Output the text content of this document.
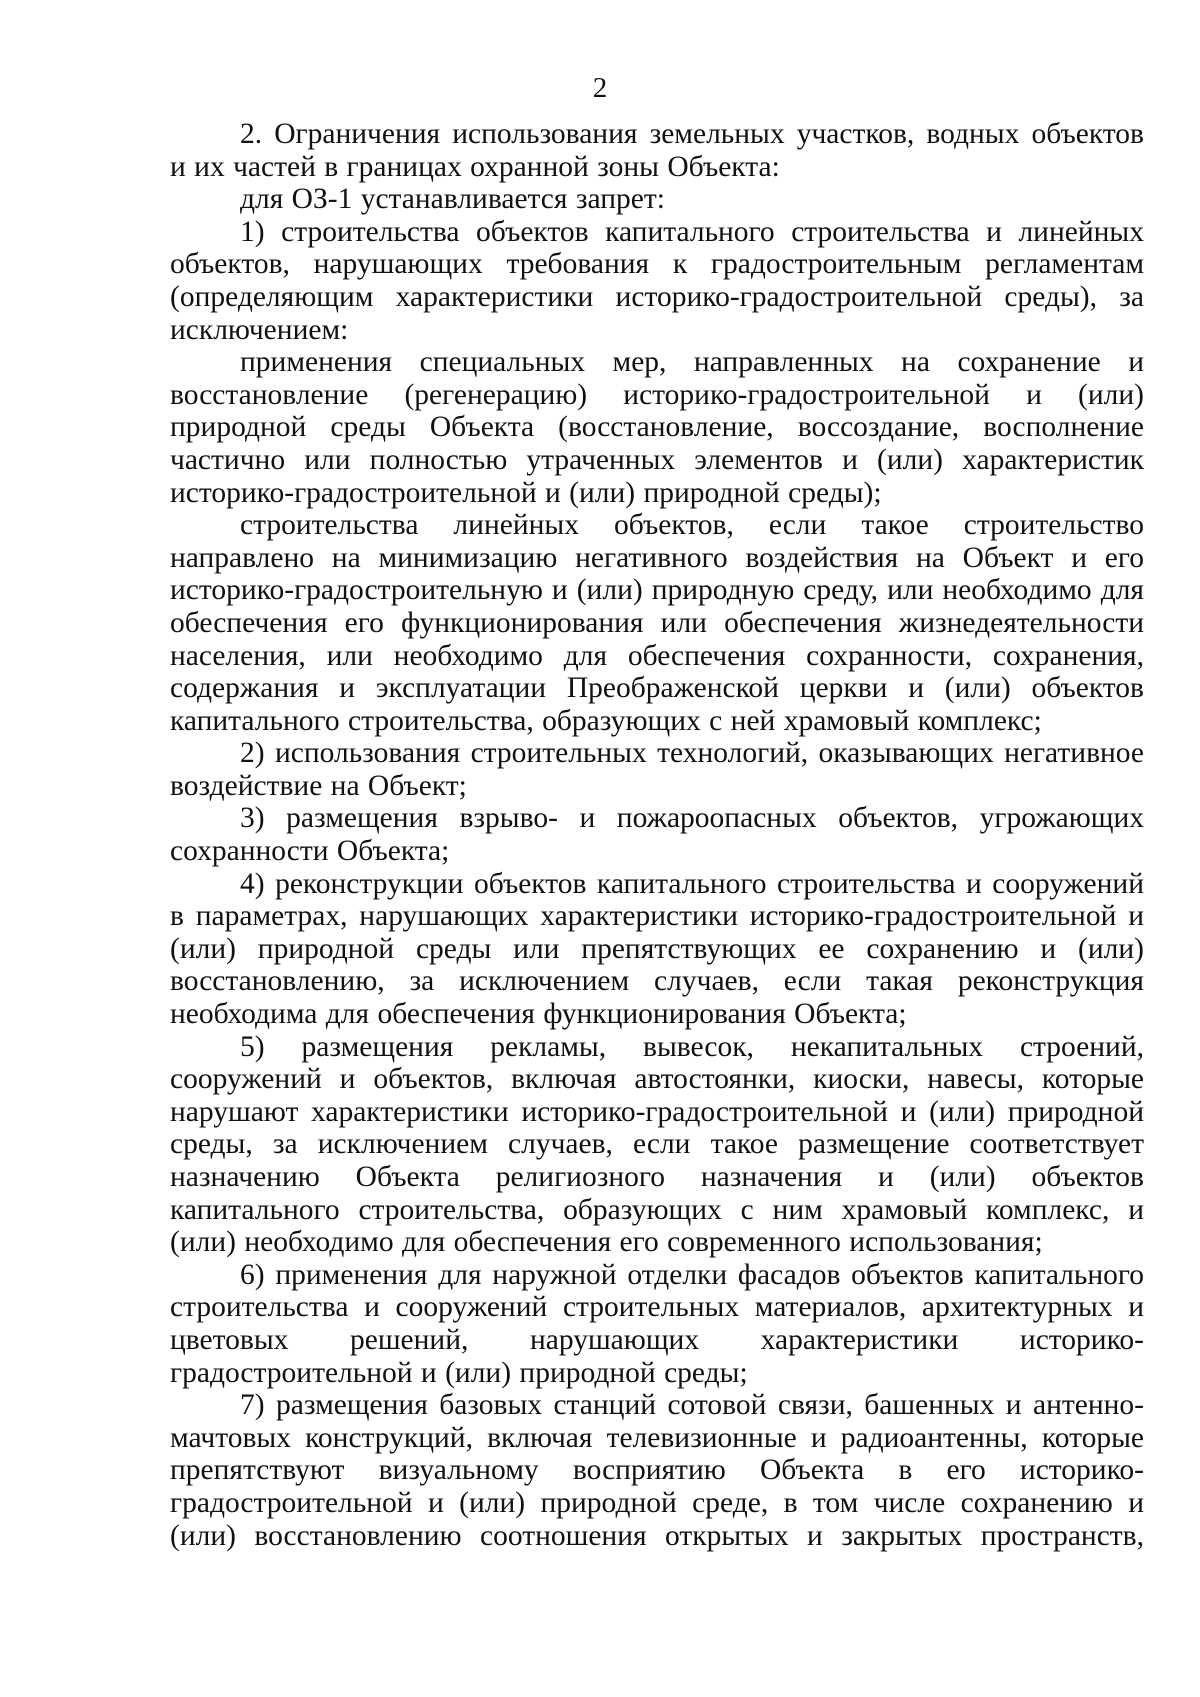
2

2. Ограничения использования земельных участков, водных объектов и их частей в границах охранной зоны Объекта:

для ОЗ-1 устанавливается запрет:

1) строительства объектов капитального строительства и линейных объектов, нарушающих требования к градостроительным регламентам (определяющим характеристики историко-градостроительной среды), за исключением:

применения специальных мер, направленных на сохранение и восстановление (регенерацию) историко-градостроительной и (или) природной среды Объекта (восстановление, воссоздание, восполнение частично или полностью утраченных элементов и (или) характеристик историко-градостроительной и (или) природной среды);

строительства линейных объектов, если такое строительство направлено на минимизацию негативного воздействия на Объект и его историко-градостроительную и (или) природную среду, или необходимо для обеспечения его функционирования или обеспечения жизнедеятельности населения, или необходимо для обеспечения сохранности, сохранения, содержания и эксплуатации Преображенской церкви и (или) объектов капитального строительства, образующих с ней храмовый комплекс;

2) использования строительных технологий, оказывающих негативное воздействие на Объект;

3) размещения взрыво- и пожароопасных объектов, угрожающих сохранности Объекта;

4) реконструкции объектов капитального строительства и сооружений в параметрах, нарушающих характеристики историко-градостроительной и (или) природной среды или препятствующих ее сохранению и (или) восстановлению, за исключением случаев, если такая реконструкция необходима для обеспечения функционирования Объекта;

5) размещения рекламы, вывесок, некапитальных строений, сооружений и объектов, включая автостоянки, киоски, навесы, которые нарушают характеристики историко-градостроительной и (или) природной среды, за исключением случаев, если такое размещение соответствует назначению Объекта религиозного назначения и (или) объектов капитального строительства, образующих с ним храмовый комплекс, и (или) необходимо для обеспечения его современного использования;

6) применения для наружной отделки фасадов объектов капитального строительства и сооружений строительных материалов, архитектурных и цветовых решений, нарушающих характеристики историко-градостроительной и (или) природной среды;

7) размещения базовых станций сотовой связи, башенных и антенно-мачтовых конструкций, включая телевизионные и радиоантенны, которые препятствуют визуальному восприятию Объекта в его историко-градостроительной и (или) природной среде, в том числе сохранению и (или) восстановлению соотношения открытых и закрытых пространств,
